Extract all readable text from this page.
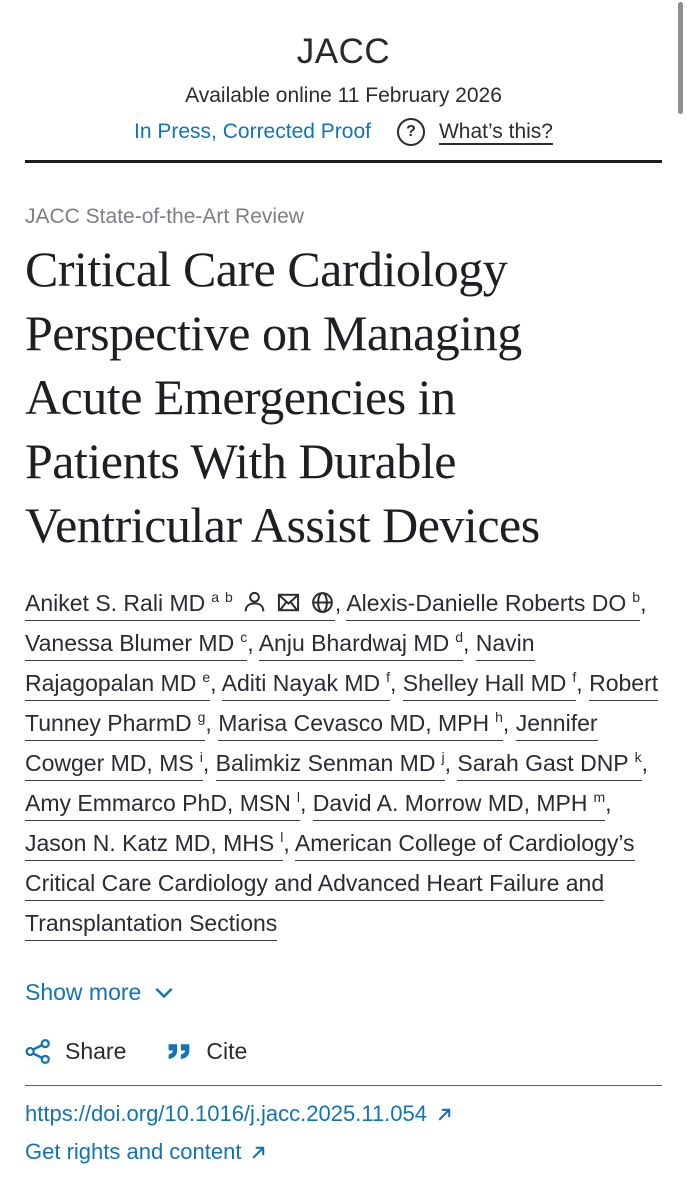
JACC
Available online 11 February 2026
In Press, Corrected Proof	?	What’s this?
JACC State-of-the-Art Review
Critical Care Cardiology
Perspective on Managing
Acute Emergencies in
Patients With Durable
Ventricular Assist Devices
Aniket S. Rali MD $^a$ $^b$	, Alexis-Danielle Roberts DO $^b$, Vanessa Blumer MD $^c$, Anju Bhardwaj MD $^d$, Navin Rajagopalan MD $^e$, Aditi Nayak MD $^f$, Shelley Hall MD $^f$, Robert Tunney PharmD $^g$, Marisa Cevasco MD, MPH $^h$, Jennifer Cowger MD, MS $^i$, Balimkiz Senman MD $^j$, Sarah Gast DNP $^k$, Amy Emmarco PhD, MSN $^l$, David A. Morrow MD, MPH $^m$, Jason N. Katz MD, MHS $^l$, American College of Cardiology’s Critical Care Cardiology and Advanced Heart Failure and Transplantation Sections
Show more
Share	Cite
https://doi.org/10.1016/j.jacc.2025.11.054
Get rights and content
